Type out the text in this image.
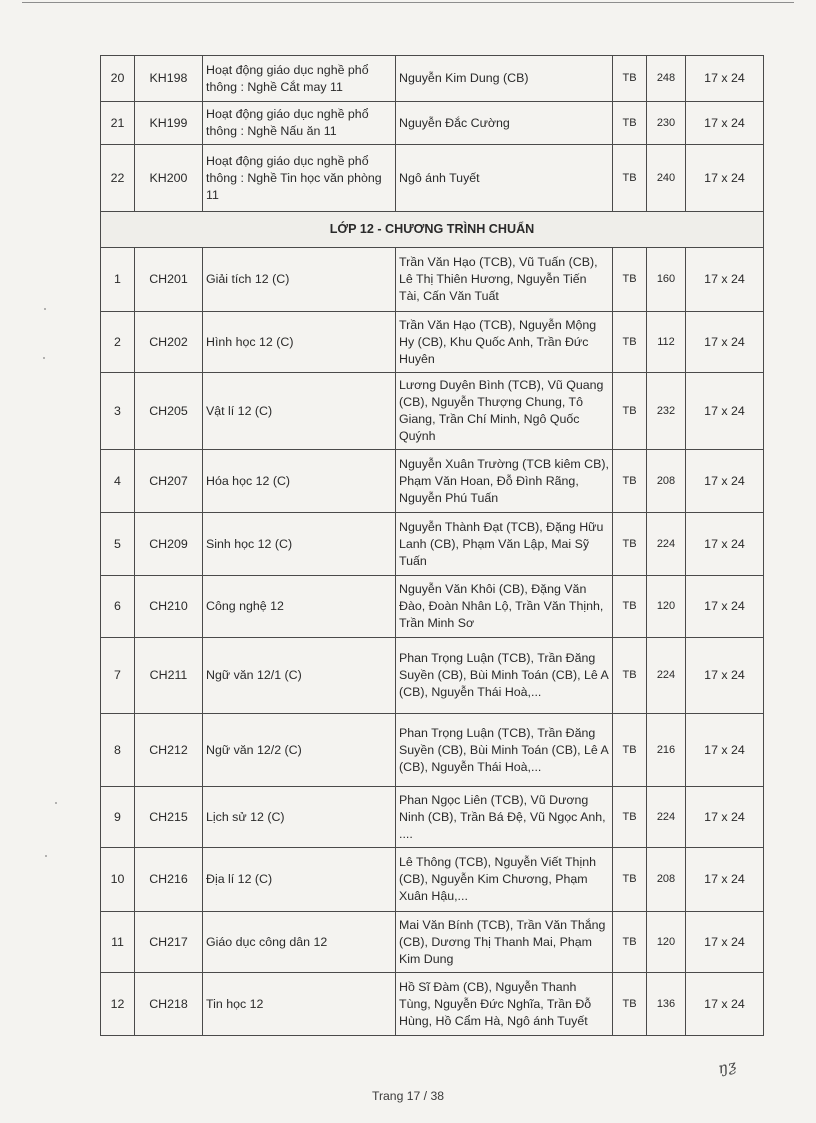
20	KH198	Hoạt động giáo dục nghề phổ thông : Nghề Cắt may 11	Nguyễn Kim Dung (CB)	TB	248	17 x 24
21	KH199	Hoạt động giáo dục nghề phổ thông : Nghề Nấu ăn 11	Nguyễn Đắc Cường	TB	230	17 x 24
22	KH200	Hoạt động giáo dục nghề phổ thông : Nghề Tin học văn phòng 11	Ngô ánh Tuyết	TB	240	17 x 24
LỚP 12 - CHƯƠNG TRÌNH CHUẨN						
1	CH201	Giải tích 12 (C)	Trần Văn Hạo (TCB), Vũ Tuấn (CB), Lê Thị Thiên Hương, Nguyễn Tiến Tài, Cấn Văn Tuất	TB	160	17 x 24
2	CH202	Hình học 12 (C)	Trần Văn Hạo (TCB), Nguyễn Mộng Hy (CB), Khu Quốc Anh, Trần Đức Huyên	TB	112	17 x 24
3	CH205	Vật lí 12 (C)	Lương Duyên Bình (TCB), Vũ Quang (CB), Nguyễn Thượng Chung, Tô Giang, Trần Chí Minh, Ngô Quốc Quýnh	TB	232	17 x 24
4	CH207	Hóa học 12 (C)	Nguyễn Xuân Trường (TCB kiêm CB), Phạm Văn Hoan, Đỗ Đình Rãng, Nguyễn Phú Tuấn	TB	208	17 x 24
5	CH209	Sinh học 12 (C)	Nguyễn Thành Đạt (TCB), Đặng Hữu Lanh (CB), Phạm Văn Lập, Mai Sỹ Tuấn	TB	224	17 x 24
6	CH210	Công nghệ 12	Nguyễn Văn Khôi (CB), Đặng Văn Đào, Đoàn Nhân Lộ, Trần Văn Thịnh, Trần Minh Sơ	TB	120	17 x 24
7	CH211	Ngữ văn 12/1 (C)	Phan Trọng Luận (TCB), Trần Đăng Suyền (CB), Bùi Minh Toán (CB), Lê A (CB), Nguyễn Thái Hoà,...	TB	224	17 x 24
8	CH212	Ngữ văn 12/2 (C)	Phan Trọng Luận (TCB), Trần Đăng Suyền (CB), Bùi Minh Toán (CB), Lê A (CB), Nguyễn Thái Hoà,...	TB	216	17 x 24
9	CH215	Lịch sử 12 (C)	Phan Ngọc Liên (TCB), Vũ Dương Ninh (CB), Trần Bá Đệ, Vũ Ngọc Anh, ....	TB	224	17 x 24
10	CH216	Địa lí 12 (C)	Lê Thông (TCB), Nguyễn Viết Thịnh (CB), Nguyễn Kim Chương, Phạm Xuân Hậu,...	TB	208	17 x 24
11	CH217	Giáo dục công dân 12	Mai Văn Bính (TCB), Trần Văn Thắng (CB), Dương Thị Thanh Mai, Phạm Kim Dung	TB	120	17 x 24
12	CH218	Tin học 12	Hồ Sĩ Đàm (CB), Nguyễn Thanh Tùng, Nguyễn Đức Nghĩa, Trần Đỗ Hùng, Hồ Cẩm Hà, Ngô ánh Tuyết	TB	136	17 x 24
ŋƺ
Trang 17 / 38
